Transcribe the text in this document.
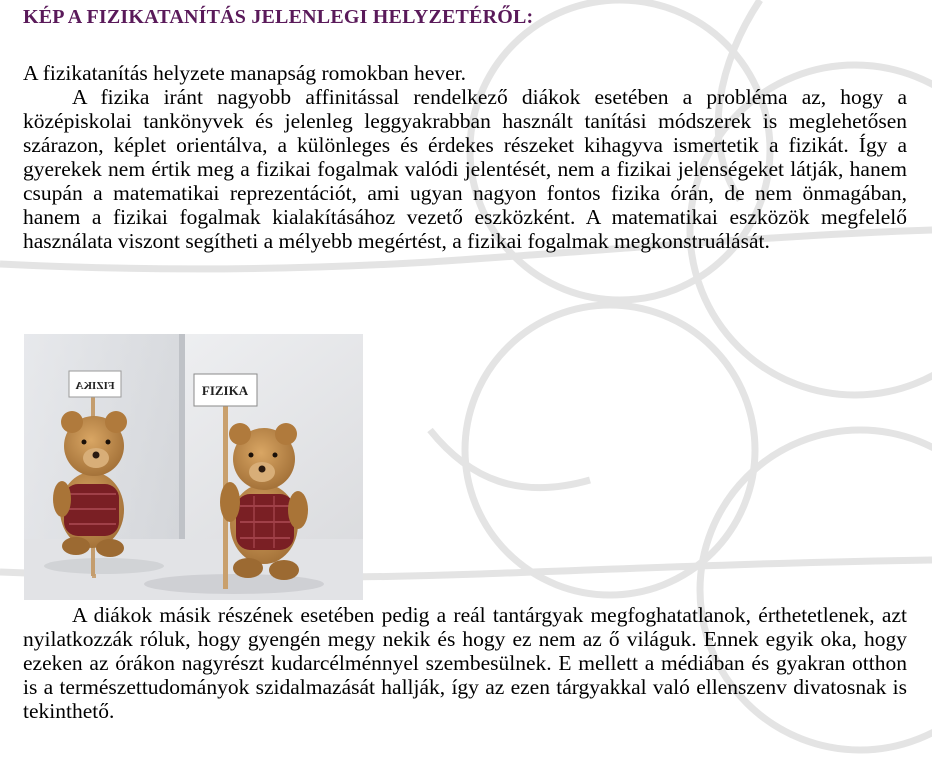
KÉP A FIZIKATANÍTÁS JELENLEGI HELYZETÉRŐL:

A fizikatanítás helyzete manapság romokban hever.

A fizika iránt nagyobb affinitással rendelkező diákok esetében a probléma az, hogy a középiskolai tankönyvek és jelenleg leggyakrabban használt tanítási módszerek is meglehetősen szárazon, képlet orientálva, a különleges és érdekes részeket kihagyva ismertetik a fizikát. Így a gyerekek nem értik meg a fizikai fogalmak valódi jelentését, nem a fizikai jelenségeket látják, hanem csupán a matematikai reprezentációt, ami ugyan nagyon fontos fizika órán, de nem önmagában, hanem a fizikai fogalmak kialakításához vezető eszközként. A matematikai eszközök megfelelő használata viszont segítheti a mélyebb megértést, a fizikai fogalmak megkonstruálását.

FIZIKA	FIZIKA

A diákok másik részének esetében pedig a reál tantárgyak megfoghatatlanok, érthetetlenek, azt nyilatkozzák róluk, hogy gyengén megy nekik és hogy ez nem az ő világuk. Ennek egyik oka, hogy ezeken az órákon nagyrészt kudarcélménnyel szembesülnek. E mellett a médiában és gyakran otthon is a természettudományok szidalmazását hallják, így az ezen tárgyakkal való ellenszenv divatosnak is tekinthető.
